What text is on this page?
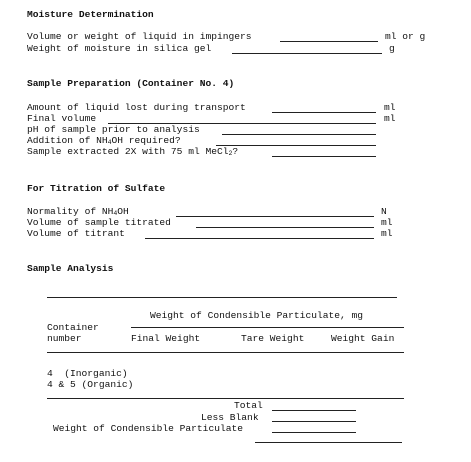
Moisture Determination
Volume or weight of liquid in impingers	ml or g
Weight of moisture in silica gel	g
Sample Preparation (Container No. 4)
Amount of liquid lost during transport	ml
Final volume	ml
pH of sample prior to analysis
Addition of $NH_4OH$ required?
Sample extracted 2X with 75 ml MeCl$_2$?
For Titration of Sulfate
Normality of $NH_4OH$	N
Volume of sample titrated	ml
Volume of titrant	ml
Sample Analysis
Weight of Condensible Particulate, mg
Container
number	Final Weight	Tare Weight	Weight Gain
4  (Inorganic)
4 & 5 (Organic)
Total
Less Blank
Weight of Condensible Particulate
